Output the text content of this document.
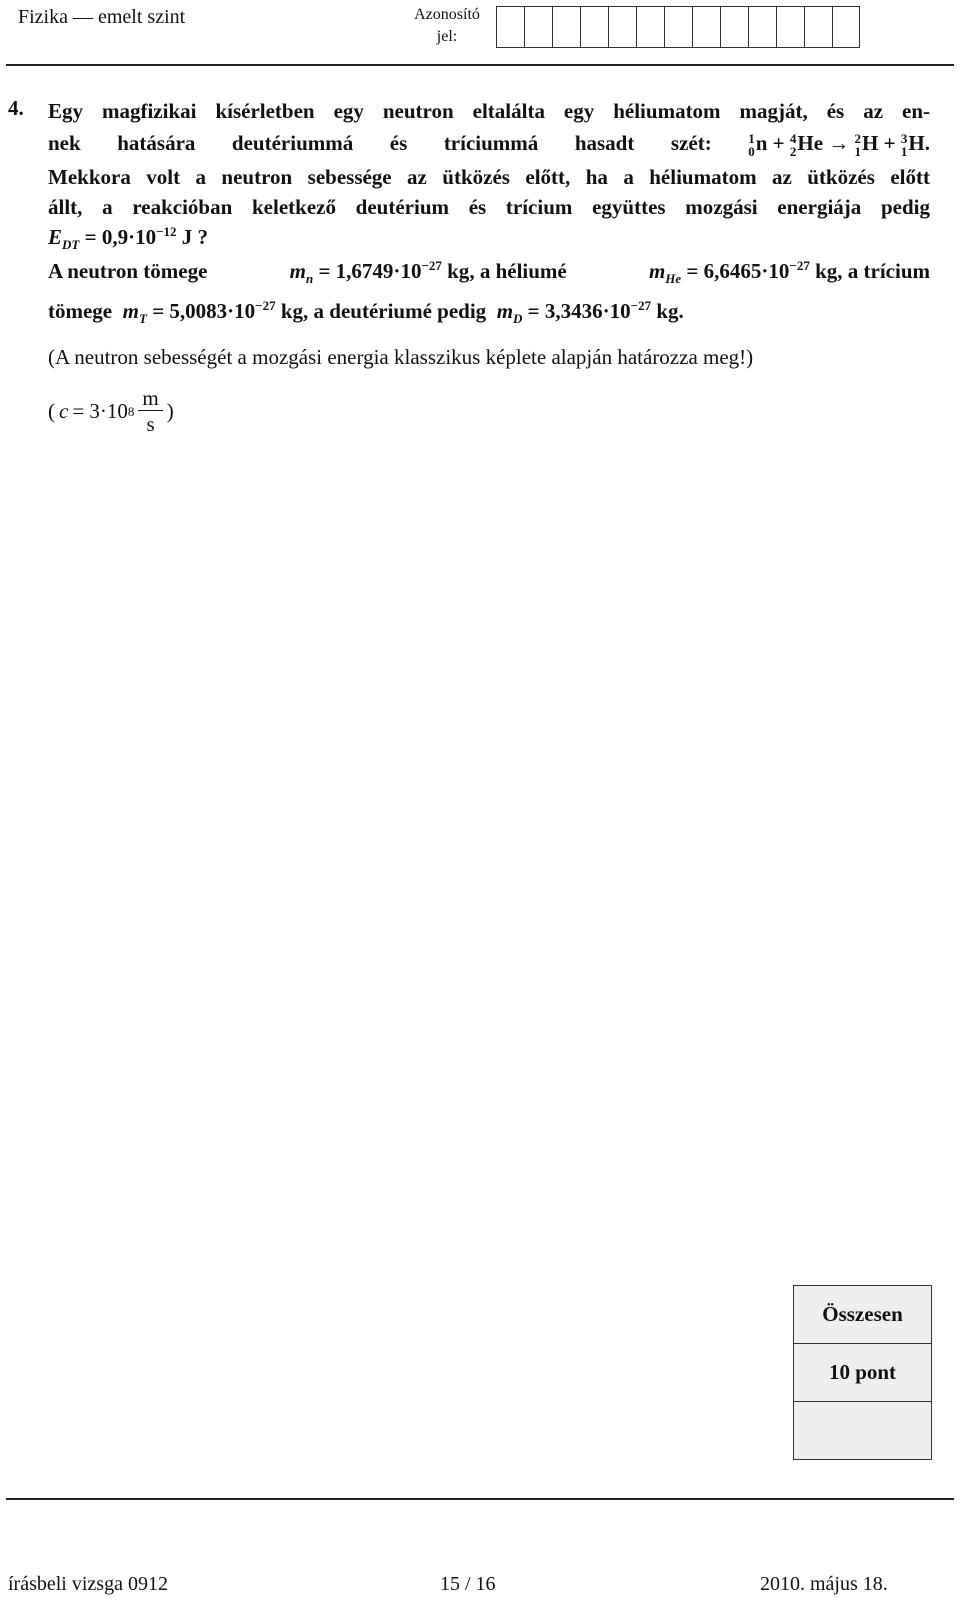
Fizika — emelt szint	Azonosító
jel:
4. Egy magfizikai kísérletben egy neutron eltalálta egy héliumatom magját, és az en-
nek hatására deutériummá és tríciummá hasadt szét:	1
0 n + 4
2 He → 2
1 H + 3
1 H.
Mekkora volt a neutron sebessége az ütközés előtt, ha a héliumatom az ütközés előtt
állt, a reakcióban keletkező deutérium és trícium együttes mozgási energiája pedig
$E_{DT} = 0,9\cdot 10^{-12}$ J ?
A neutron tömege	$m_n = 1,6749\cdot 10^{-27}$ kg, a héliumé	$m_{He} = 6,6465\cdot 10^{-27}$ kg, a trícium
tömege $m_T = 5,0083\cdot 10^{-27}$ kg, a deutériumé pedig $m_D = 3,3436\cdot 10^{-27}$ kg.
(A neutron sebességét a mozgási energia klasszikus képlete alapján határozza meg!)
( c = 3·10 $8 \frac{m}{s}$ )
Összesen
10 pont
írásbeli vizsga 0912	15 / 16	2010. május 18.
